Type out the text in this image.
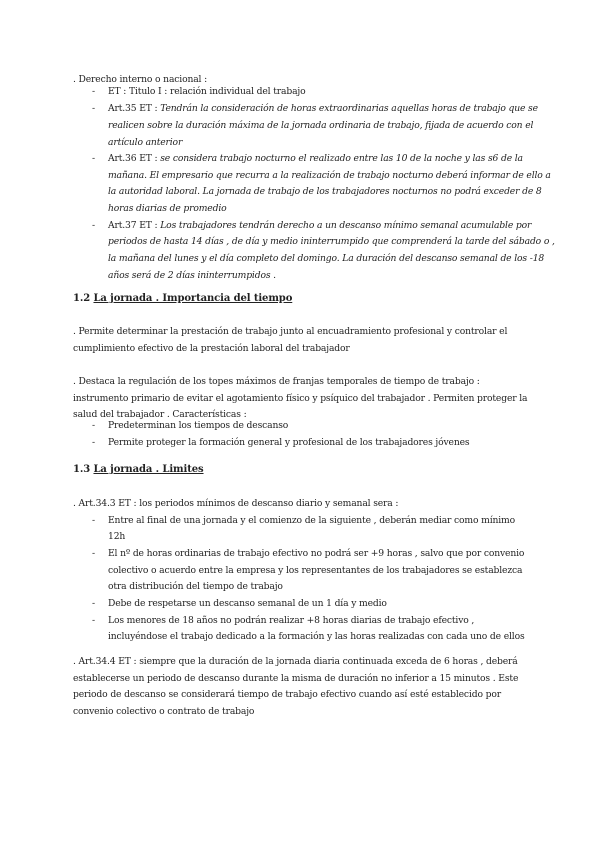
. Derecho interno o nacional :
- ET : Titulo I : relación individual del trabajo
- Art.35 ET : Tendrán la consideración de horas extraordinarias aquellas horas de trabajo que se
realicen sobre la duración máxima de la jornada ordinaria de trabajo, fijada de acuerdo con el
artículo anterior
- Art.36 ET : se considera trabajo nocturno el realizado entre las 10 de la noche y las s6 de la
mañana. El empresario que recurra a la realización de trabajo nocturno deberá informar de ello a
la autoridad laboral. La jornada de trabajo de los trabajadores nocturnos no podrá exceder de 8
horas diarias de promedio
- Art.37 ET : Los trabajadores tendrán derecho a un descanso mínimo semanal acumulable por
periodos de hasta 14 días , de día y medio ininterrumpido que comprenderá la tarde del sábado o ,
la mañana del lunes y el día completo del domingo. La duración del descanso semanal de los -18
años será de 2 días ininterrumpidos .
1.2 La jornada . Importancia del tiempo
. Permite determinar la prestación de trabajo junto al encuadramiento profesional y controlar el
cumplimiento efectivo de la prestación laboral del trabajador
. Destaca la regulación de los topes máximos de franjas temporales de tiempo de trabajo :
instrumento primario de evitar el agotamiento físico y psíquico del trabajador . Permiten proteger la
salud del trabajador . Características :
- Predeterminan los tiempos de descanso
- Permite proteger la formación general y profesional de los trabajadores jóvenes
1.3 La jornada . Limites
. Art.34.3 ET : los periodos mínimos de descanso diario y semanal sera :
- Entre al final de una jornada y el comienzo de la siguiente , deberán mediar como mínimo
12h
- El nº de horas ordinarias de trabajo efectivo no podrá ser +9 horas , salvo que por convenio
colectivo o acuerdo entre la empresa y los representantes de los trabajadores se establezca
otra distribución del tiempo de trabajo
- Debe de respetarse un descanso semanal de un 1 día y medio
- Los menores de 18 años no podrán realizar +8 horas diarias de trabajo efectivo ,
incluyéndose el trabajo dedicado a la formación y las horas realizadas con cada uno de ellos
. Art.34.4 ET : siempre que la duración de la jornada diaria continuada exceda de 6 horas , deberá
establecerse un periodo de descanso durante la misma de duración no inferior a 15 minutos . Este
periodo de descanso se considerará tiempo de trabajo efectivo cuando así esté establecido por
convenio colectivo o contrato de trabajo
